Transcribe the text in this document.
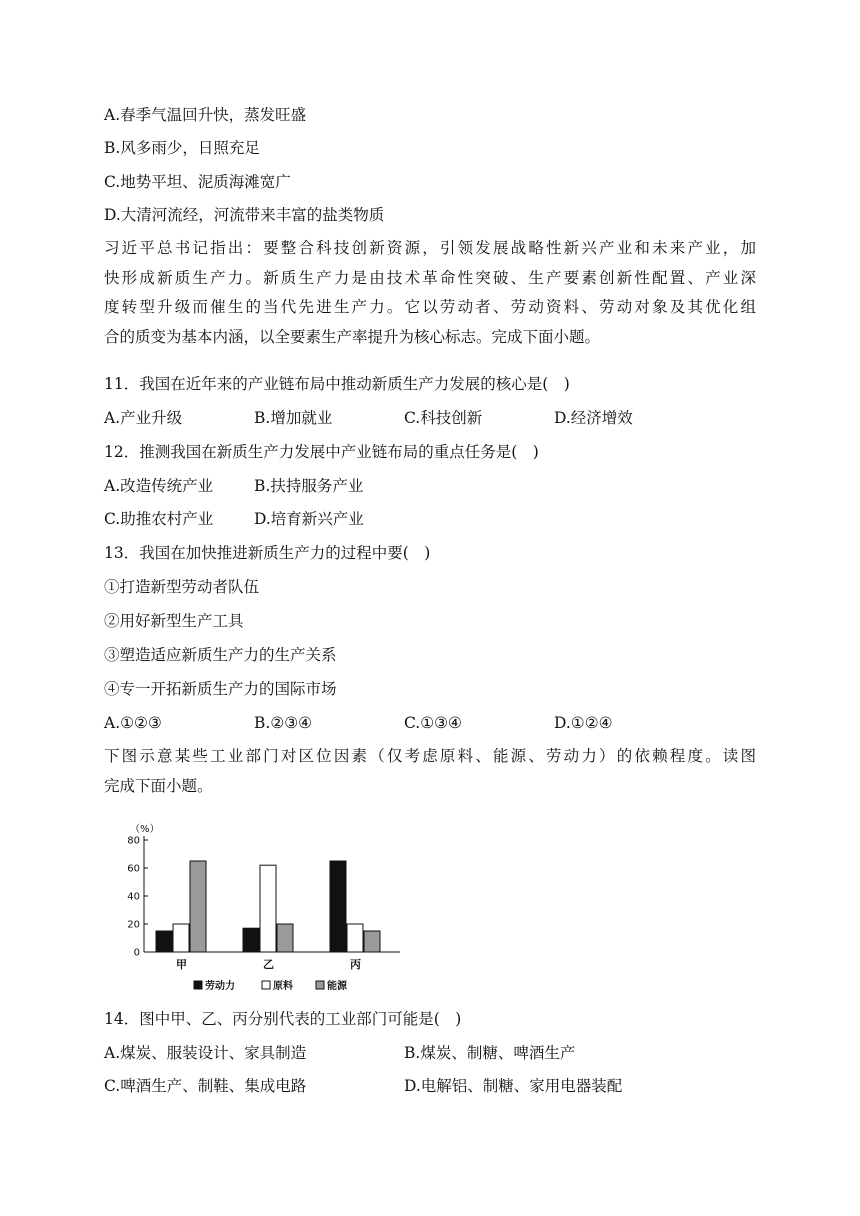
A.春季气温回升快，蒸发旺盛
B.风多雨少，日照充足
C.地势平坦、泥质海滩宽广
D.大清河流经，河流带来丰富的盐类物质
习近平总书记指出：要整合科技创新资源，引领发展战略性新兴产业和未来产业，加
快形成新质生产力。新质生产力是由技术革命性突破、生产要素创新性配置、产业深
度转型升级而催生的当代先进生产力。它以劳动者、劳动资料、劳动对象及其优化组
合的质变为基本内涵，以全要素生产率提升为核心标志。完成下面小题。
11．我国在近年来的产业链布局中推动新质生产力发展的核心是(　)
A.产业升级	B.增加就业	C.科技创新	D.经济增效
12．推测我国在新质生产力发展中产业链布局的重点任务是(　)
A.改造传统产业	B.扶持服务产业
C.助推农村产业	D.培育新兴产业
13．我国在加快推进新质生产力的过程中要(　)
①打造新型劳动者队伍
②用好新型生产工具
③塑造适应新质生产力的生产关系
④专一开拓新质生产力的国际市场
A.①②③	B.②③④	C.①③④	D.①②④
下图示意某些工业部门对区位因素（仅考虑原料、能源、劳动力）的依赖程度。读图
完成下面小题。
（%）
0
20
40
60
80
甲	乙	丙
劳动力	原料	能源
14．图中甲、乙、丙分别代表的工业部门可能是(　)
A.煤炭、服装设计、家具制造	B.煤炭、制糖、啤酒生产
C.啤酒生产、制鞋、集成电路	D.电解铝、制糖、家用电器装配
